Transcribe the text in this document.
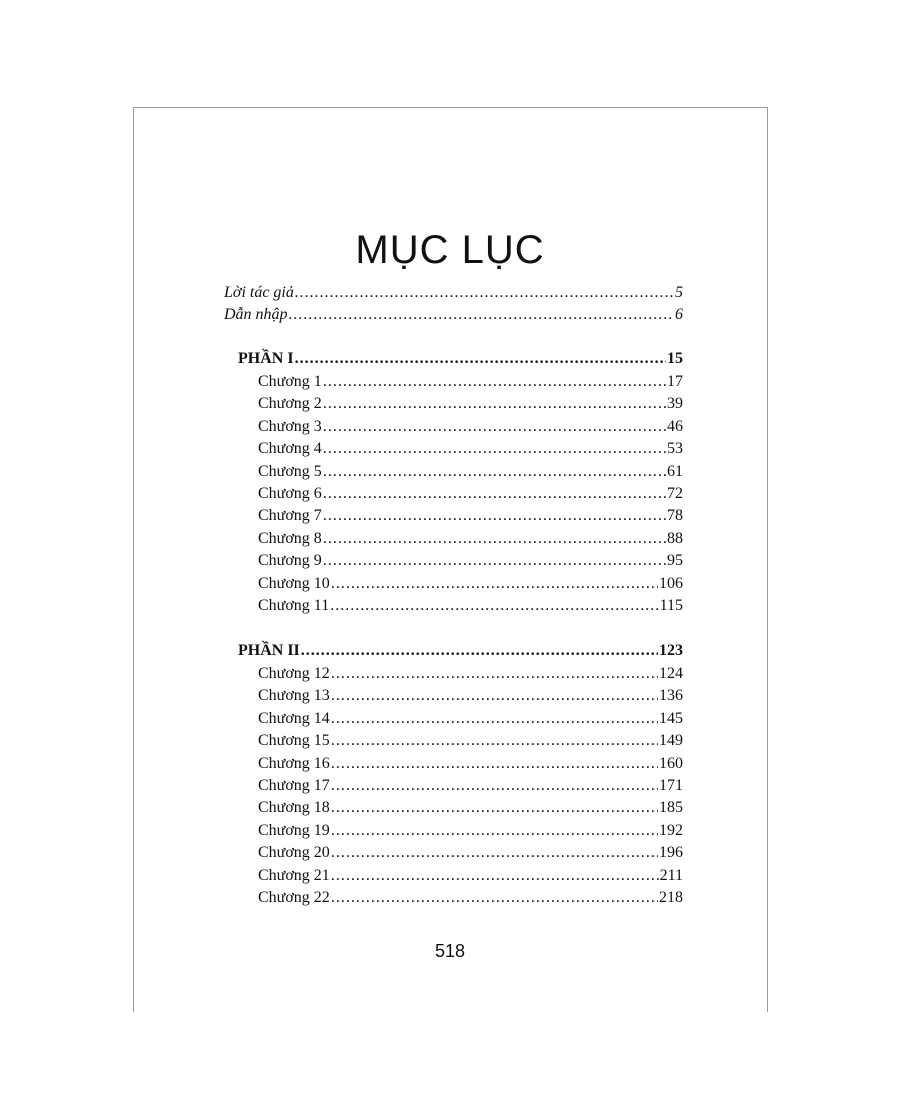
MỤC LỤC
Lời tác giả .....	5
Dẫn nhập .....	6
PHẦN I .....	15
Chương 1 .....	17
Chương 2 .....	39
Chương 3 .....	46
Chương 4 .....	53
Chương 5 .....	61
Chương 6 .....	72
Chương 7 .....	78
Chương 8 .....	88
Chương 9 .....	95
Chương 10 .....	106
Chương 11 .....	115
PHẦN II .....	123
Chương 12 .....	124
Chương 13 .....	136
Chương 14 .....	145
Chương 15 .....	149
Chương 16 .....	160
Chương 17 .....	171
Chương 18 .....	185
Chương 19 .....	192
Chương 20 .....	196
Chương 21 .....	211
Chương 22 .....	218
518
